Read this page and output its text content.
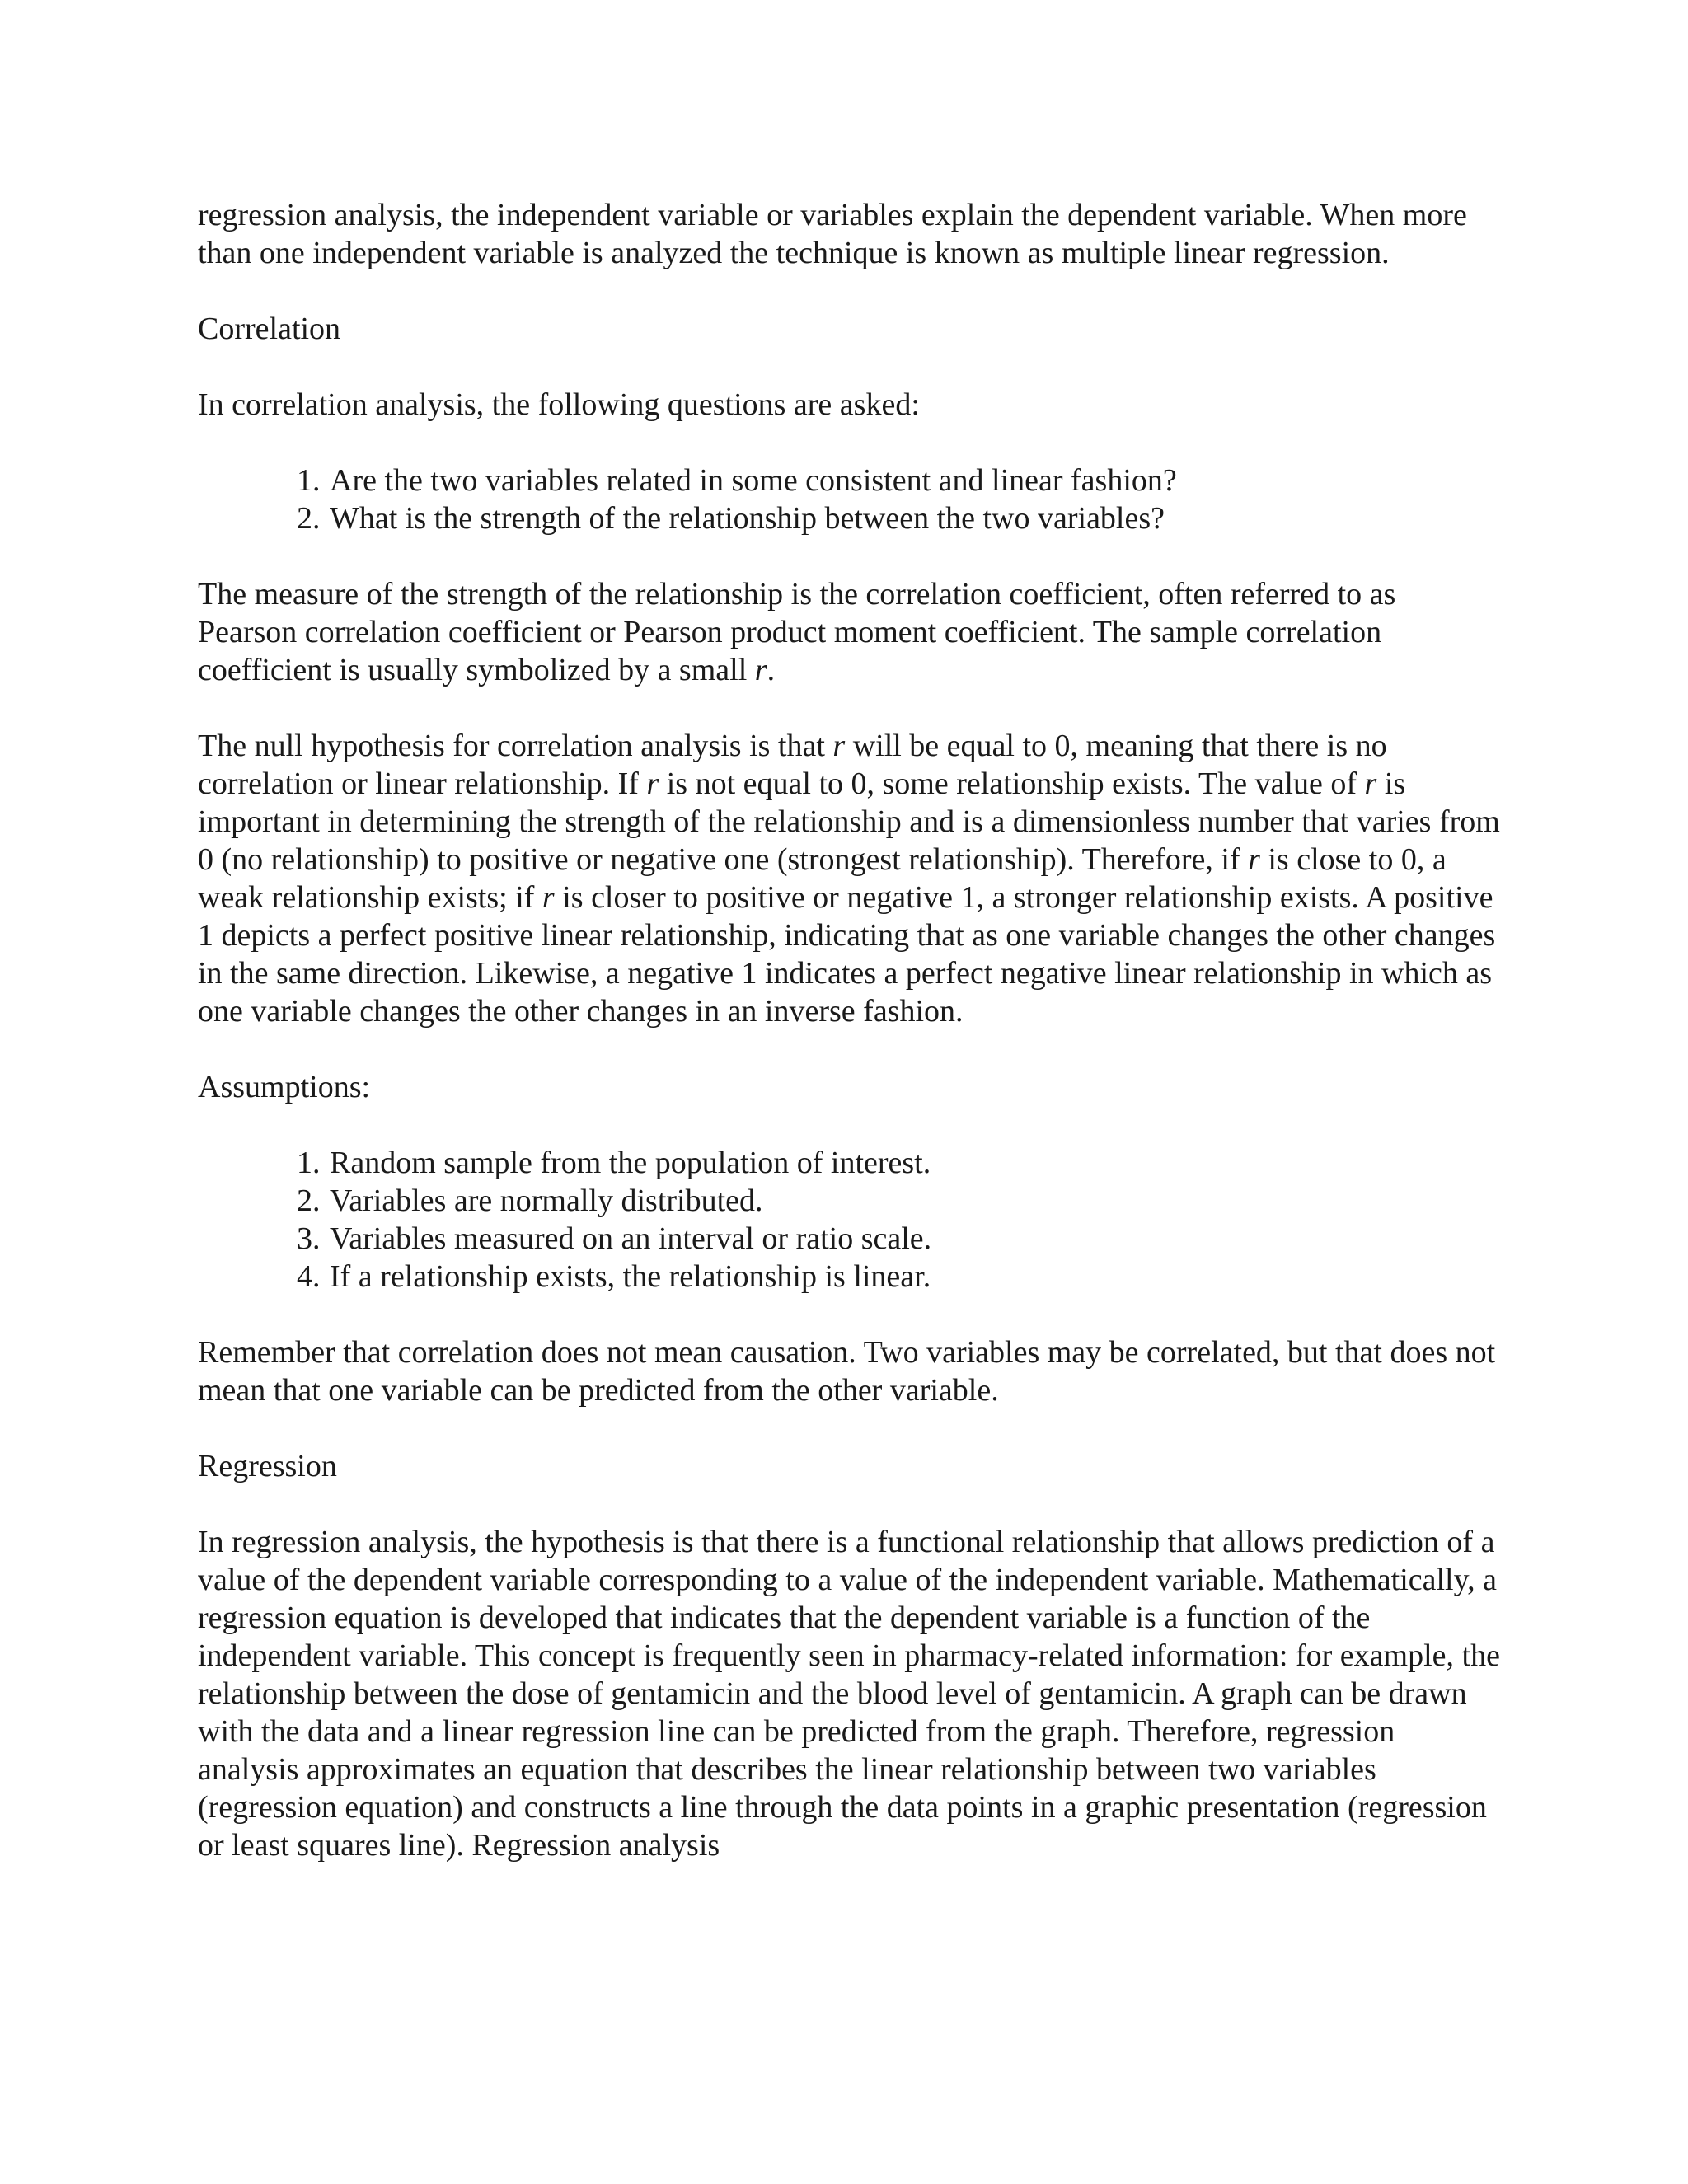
regression analysis, the independent variable or variables explain the dependent variable. When more than one independent variable is analyzed the technique is known as multiple linear regression.

Correlation

In correlation analysis, the following questions are asked:

1. Are the two variables related in some consistent and linear fashion?
2. What is the strength of the relationship between the two variables?

The measure of the strength of the relationship is the correlation coefficient, often referred to as Pearson correlation coefficient or Pearson product moment coefficient. The sample correlation coefficient is usually symbolized by a small r.

The null hypothesis for correlation analysis is that r will be equal to 0, meaning that there is no correlation or linear relationship. If r is not equal to 0, some relationship exists. The value of r is important in determining the strength of the relationship and is a dimensionless number that varies from 0 (no relationship) to positive or negative one (strongest relationship). Therefore, if r is close to 0, a weak relationship exists; if r is closer to positive or negative 1, a stronger relationship exists. A positive 1 depicts a perfect positive linear relationship, indicating that as one variable changes the other changes in the same direction. Likewise, a negative 1 indicates a perfect negative linear relationship in which as one variable changes the other changes in an inverse fashion.

Assumptions:

1. Random sample from the population of interest.
2. Variables are normally distributed.
3. Variables measured on an interval or ratio scale.
4. If a relationship exists, the relationship is linear.

Remember that correlation does not mean causation. Two variables may be correlated, but that does not mean that one variable can be predicted from the other variable.

Regression

In regression analysis, the hypothesis is that there is a functional relationship that allows prediction of a value of the dependent variable corresponding to a value of the independent variable. Mathematically, a regression equation is developed that indicates that the dependent variable is a function of the independent variable. This concept is frequently seen in pharmacy-related information: for example, the relationship between the dose of gentamicin and the blood level of gentamicin. A graph can be drawn with the data and a linear regression line can be predicted from the graph. Therefore, regression analysis approximates an equation that describes the linear relationship between two variables (regression equation) and constructs a line through the data points in a graphic presentation (regression or least squares line). Regression analysis
